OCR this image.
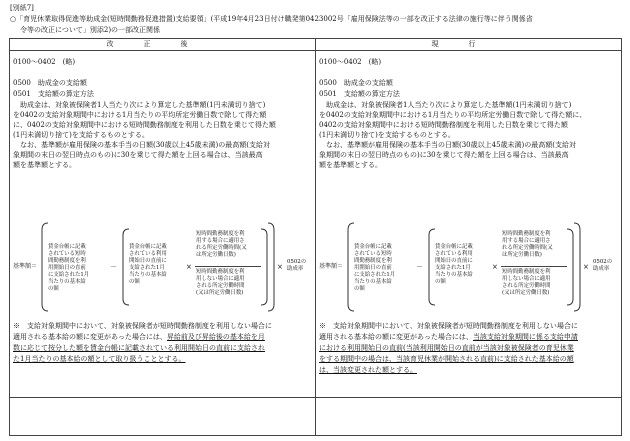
[別紙7]
○「育児休業取得促進等助成金(短時間勤務促進措置)支給要領」(平成19年4月23日付け職発第0423002号「雇用保険法等の一部を改正する法律の施行等に伴う関係省
令等の改正について」別添2)の一部改正関係
改正後	現行
0100～0402　(略)
0500　助成金の支給額
0501　支給額の算定方法
　助成金は、対象被保険者1人当たり次により算定した基準額(1円未満切り捨て)
を0402の支給対象期間中における1月当たりの平均所定労働日数で除して得た額
に、0402の支給対象期間中における短時間勤務制度を利用した日数を乗じて得た額
(1円未満切り捨て)を支給するものとする。
　なお、基準額が雇用保険の基本手当の日額(30歳以上45歳未満)の最高額(支給対
象期間の末日の翌日時点のもの)に30を乗じて得た額を上回る場合は、当該最高
額を基準額とする。
基準額＝
賃金台帳に記載
されている短時
間勤務制度を利
用開始日の直前
に支給された1月
当たりの基本給
の額
－
賃金台帳に記載
されている利用
開始日の直前に
支給された1月
当たりの基本給
の額
×
短時間勤務制度を利
用する場合に適用さ
れる所定労働時間(又
は所定労働日数)
短時間勤務制度を利
用しない場合に適用
される所定労働時間
(又は所定労働日数)
×
0502の
助成率
※　支給対象期間中において、対象被保険者が短時間勤務制度を利用しない場合に
適用される基本給の額に変更があった場合には、昇給前及び昇給後の基本給を月
数に応じて按分した額を賃金台帳に記載されている利用開始日の直前に支給され
た1月当たりの基本給の額として取り扱うこととする。
0100～0402　(略)
0500　助成金の支給額
0501　支給額の算定方法
　助成金は、対象被保険者1人当たり次により算定した基準額(1円未満切り捨て)
を0402の支給対象期間中における1月当たりの平均所定労働日数で除して得た額に、
0402の支給対象期間中における短時間勤務制度を利用した日数を乗じて得た額
(1円未満切り捨て)を支給するものとする。
　なお、基準額が雇用保険の基本手当の日額(30歳以上45歳未満)の最高額(支給対
象期間の末日の翌日時点のもの)に30を乗じて得た額を上回る場合は、当該最高
額を基準額とする。
基準額＝
賃金台帳に記載
されている短時
間勤務制度を利
用開始日の直前
に支給された1月
当たりの基本給
の額
－
賃金台帳に記載
されている利用
開始日の直前に
支給された1月
当たりの基本給
の額
×
短時間勤務制度を利
用する場合に適用さ
れる所定労働時間(又
は所定労働日数)
短時間勤務制度を利
用しない場合に適用
される所定労働時間
(又は所定労働日数)
×
0502の
助成率
※　支給対象期間中において、対象被保険者が短時間勤務制度を利用しない場合に
適用される基本給の額に変更があった場合には、当該支給対象期間に係る支給申請
における利用開始日の直前(当該利用開始日の直前が当該対象被保険者の育児休業
をする期間中の場合は、当該育児休業が開始される直前)に支給された基本給の額
は、当該変更された額とする。
